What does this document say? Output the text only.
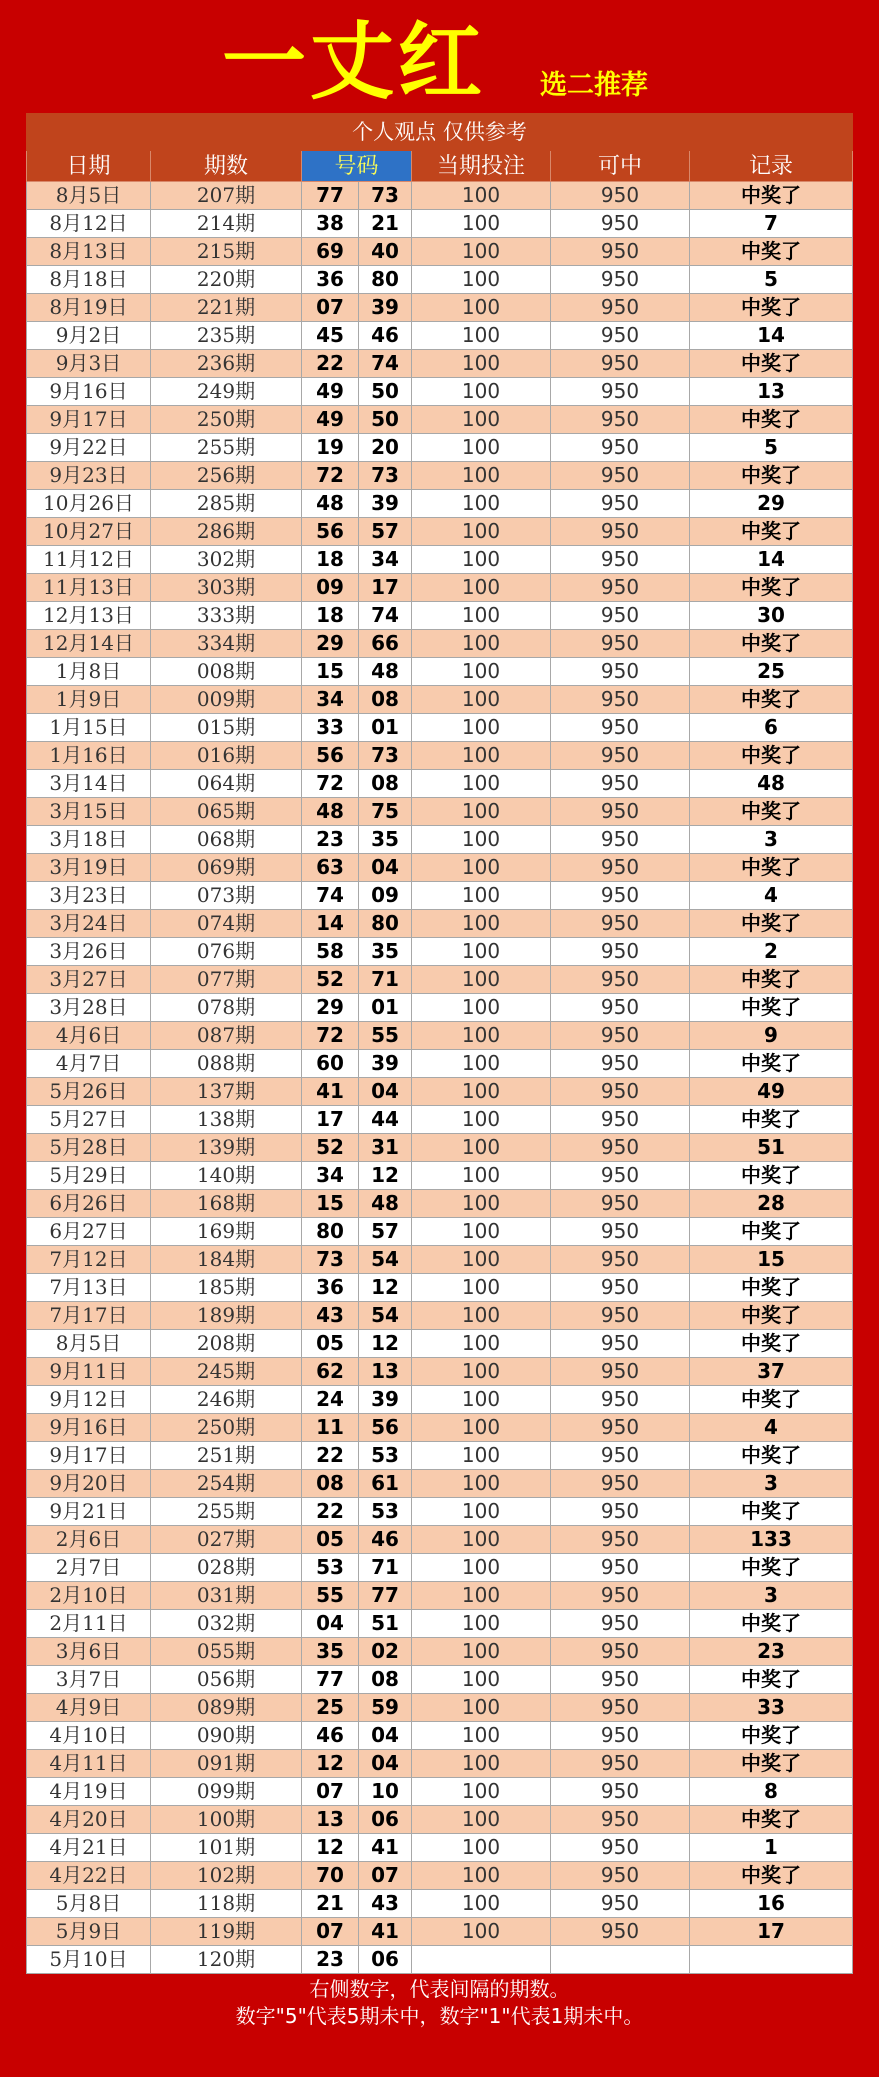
一丈红 选二推荐
个人观点 仅供参考						
日期	期数	号码		当期投注	可中	记录
8月5日	207期	77	73	100	950	中奖了
8月12日	214期	38	21	100	950	7
8月13日	215期	69	40	100	950	中奖了
8月18日	220期	36	80	100	950	5
8月19日	221期	07	39	100	950	中奖了
9月2日	235期	45	46	100	950	14
9月3日	236期	22	74	100	950	中奖了
9月16日	249期	49	50	100	950	13
9月17日	250期	49	50	100	950	中奖了
9月22日	255期	19	20	100	950	5
9月23日	256期	72	73	100	950	中奖了
10月26日	285期	48	39	100	950	29
10月27日	286期	56	57	100	950	中奖了
11月12日	302期	18	34	100	950	14
11月13日	303期	09	17	100	950	中奖了
12月13日	333期	18	74	100	950	30
12月14日	334期	29	66	100	950	中奖了
1月8日	008期	15	48	100	950	25
1月9日	009期	34	08	100	950	中奖了
1月15日	015期	33	01	100	950	6
1月16日	016期	56	73	100	950	中奖了
3月14日	064期	72	08	100	950	48
3月15日	065期	48	75	100	950	中奖了
3月18日	068期	23	35	100	950	3
3月19日	069期	63	04	100	950	中奖了
3月23日	073期	74	09	100	950	4
3月24日	074期	14	80	100	950	中奖了
3月26日	076期	58	35	100	950	2
3月27日	077期	52	71	100	950	中奖了
3月28日	078期	29	01	100	950	中奖了
4月6日	087期	72	55	100	950	9
4月7日	088期	60	39	100	950	中奖了
5月26日	137期	41	04	100	950	49
5月27日	138期	17	44	100	950	中奖了
5月28日	139期	52	31	100	950	51
5月29日	140期	34	12	100	950	中奖了
6月26日	168期	15	48	100	950	28
6月27日	169期	80	57	100	950	中奖了
7月12日	184期	73	54	100	950	15
7月13日	185期	36	12	100	950	中奖了
7月17日	189期	43	54	100	950	中奖了
8月5日	208期	05	12	100	950	中奖了
9月11日	245期	62	13	100	950	37
9月12日	246期	24	39	100	950	中奖了
9月16日	250期	11	56	100	950	4
9月17日	251期	22	53	100	950	中奖了
9月20日	254期	08	61	100	950	3
9月21日	255期	22	53	100	950	中奖了
2月6日	027期	05	46	100	950	133
2月7日	028期	53	71	100	950	中奖了
2月10日	031期	55	77	100	950	3
2月11日	032期	04	51	100	950	中奖了
3月6日	055期	35	02	100	950	23
3月7日	056期	77	08	100	950	中奖了
4月9日	089期	25	59	100	950	33
4月10日	090期	46	04	100	950	中奖了
4月11日	091期	12	04	100	950	中奖了
4月19日	099期	07	10	100	950	8
4月20日	100期	13	06	100	950	中奖了
4月21日	101期	12	41	100	950	1
4月22日	102期	70	07	100	950	中奖了
5月8日	118期	21	43	100	950	16
5月9日	119期	07	41	100	950	17
5月10日	120期	23	06			
右侧数字，代表间隔的期数。
数字"5"代表5期未中，数字"1"代表1期未中。
